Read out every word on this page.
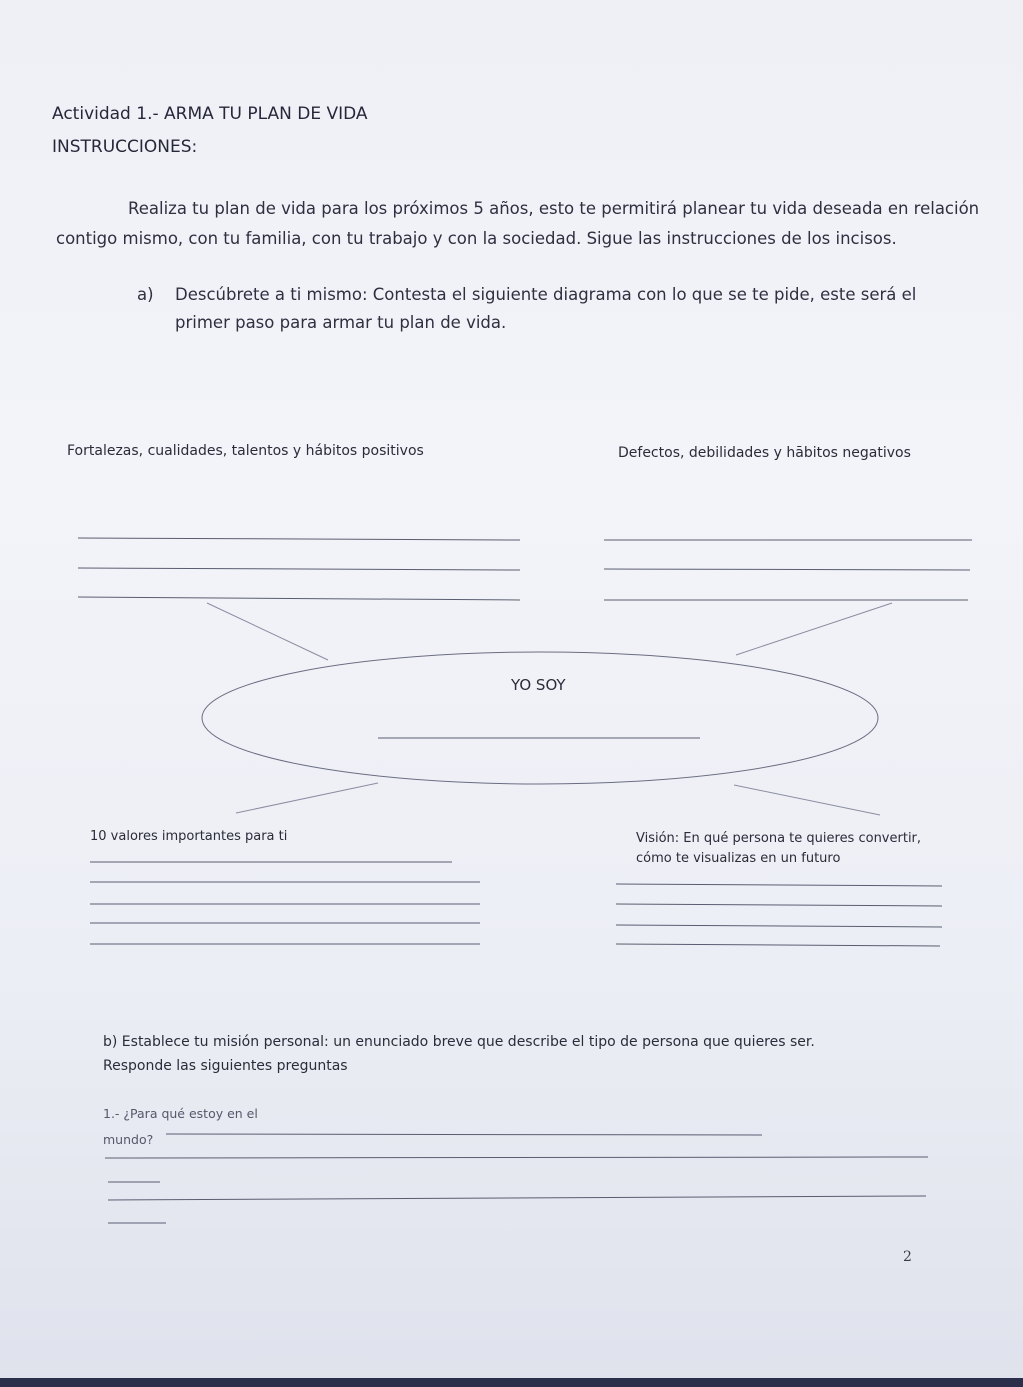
Actividad 1.- ARMA TU PLAN DE VIDA

INSTRUCCIONES:

Realiza tu plan de vida para los próximos 5 años, esto te permitirá planear tu vida deseada en relación
contigo mismo, con tu familia, con tu trabajo y con la sociedad. Sigue las instrucciones de los incisos.
a) Descúbrete a ti mismo: Contesta el siguiente diagrama con lo que se te pide, este será el
primer paso para armar tu plan de vida.

Fortalezas, cualidades, talentos y hábitos positivos	Defectos, debilidades y hābitos negativos

YO SOY

10 valores importantes para ti	Visión: En qué persona te quieres convertir,
cómo te visualizas en un futuro

b) Establece tu misión personal: un enunciado breve que describe el tipo de persona que quieres ser.

Responde las siguientes preguntas

1.- ¿Para qué estoy en el
mundo?

2
